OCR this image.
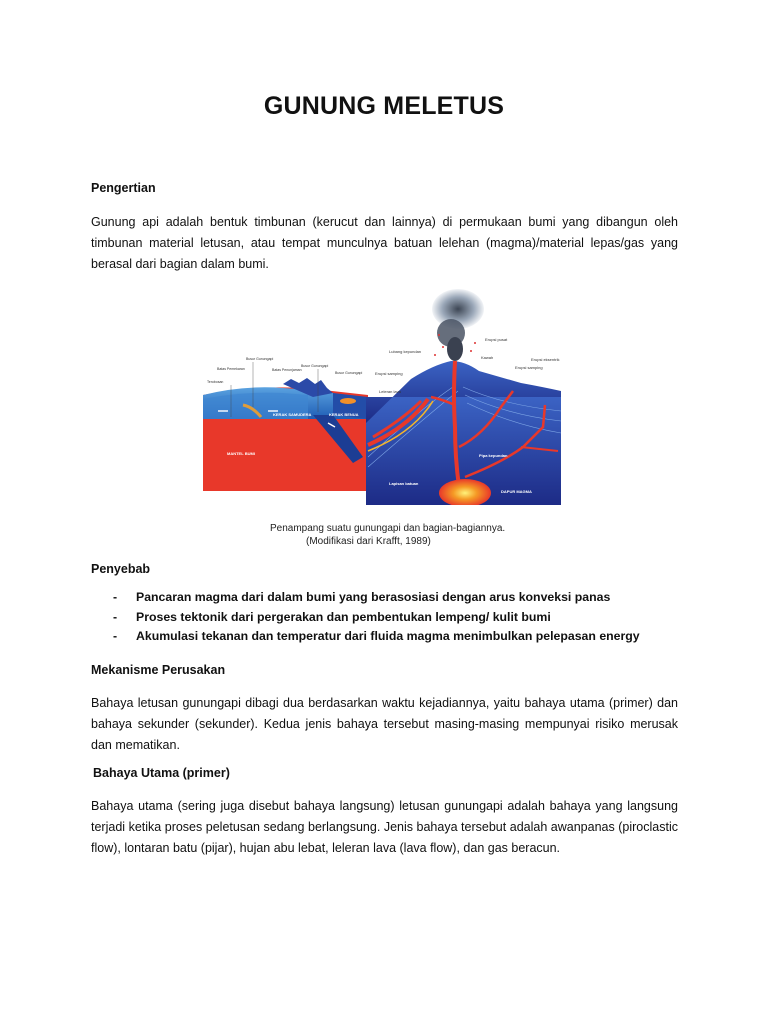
GUNUNG MELETUS
Pengertian
Gunung api adalah bentuk timbunan (kerucut dan lainnya) di permukaan bumi yang dibangun oleh timbunan material letusan, atau tempat munculnya batuan lelehan (magma)/material lepas/gas yang berasal dari bagian dalam bumi.
MANTEL BUMI
KERAK SAMUDERA	KERAK BENUA
Terobosan
Batas Pemekaran
Busur Gunungapi
Batas Penunjaman
Busur Gunungapi
Busur Gunungapi
Lubang kepundan
Erupsi pusat
Kawah	Erupsi eksentrik
Erupsi samping
Erupsi samping
Leleran lava
Pipa kepundan
Lapisan batuan
DAPUR MAGMA
Penampang suatu gunungapi dan bagian-bagiannya.
(Modifikasi dari Krafft, 1989)
Penyebab
- Pancaran magma dari dalam bumi yang berasosiasi dengan arus konveksi panas
- Proses tektonik dari pergerakan dan pembentukan lempeng/ kulit bumi
- Akumulasi tekanan dan temperatur dari fluida magma menimbulkan pelepasan energy
Mekanisme Perusakan
Bahaya letusan gunungapi dibagi dua berdasarkan waktu kejadiannya, yaitu bahaya utama (primer) dan bahaya sekunder (sekunder). Kedua jenis bahaya tersebut masing-masing mempunyai risiko merusak dan mematikan.
Bahaya Utama (primer)
Bahaya utama (sering juga disebut bahaya langsung) letusan gunungapi adalah bahaya yang langsung terjadi ketika proses peletusan sedang berlangsung. Jenis bahaya tersebut adalah awanpanas (piroclastic flow), lontaran batu (pijar), hujan abu lebat, leleran lava (lava flow), dan gas beracun.
